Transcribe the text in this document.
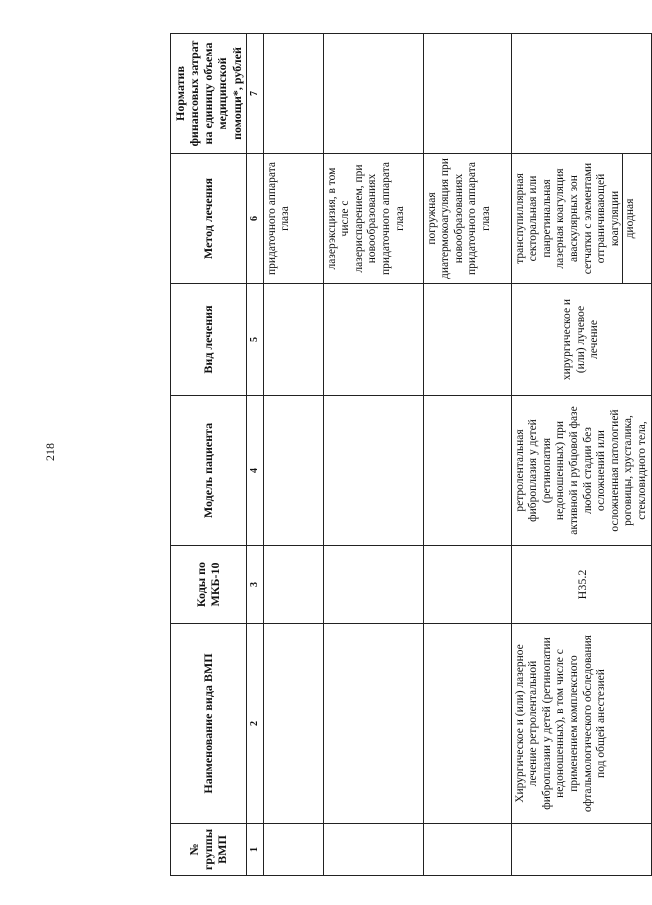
218
№ группы ВМП	Наименование вида ВМП	Коды по МКБ-10	Модель пациента	Вид лечения	Метод лечения	Норматив финансовых затрат на единицу объема медицинской помощи*, рублей
1	2	3	4	5	6	7
					придаточного аппарата глаза	
					лазерэксцизия, в том числе с лазериспарением, при новообразованиях придаточного аппарата глаза	
					погружная диатермокоагуляция при новообразованиях придаточного аппарата глаза	
	Хирургическое и (или) лазерное лечение ретролентальной фиброплазии у детей (ретинопатии недоношенных), в том числе с применением комплексного офтальмологического обследования под общей анестезией	H35.2	ретролентальная фиброплазия у детей (ретинопатия недоношенных) при активной и рубцовой фазе любой стадии без осложнений или осложненная патологией роговицы, хрусталика, стекловидного тела,	хирургическое и (или) лучевое лечение	транспупиллярная секторальная или панретинальная лазерная коагуляция аваскулярных зон сетчатки с элементами отграничивающей коагуляции диодная	
